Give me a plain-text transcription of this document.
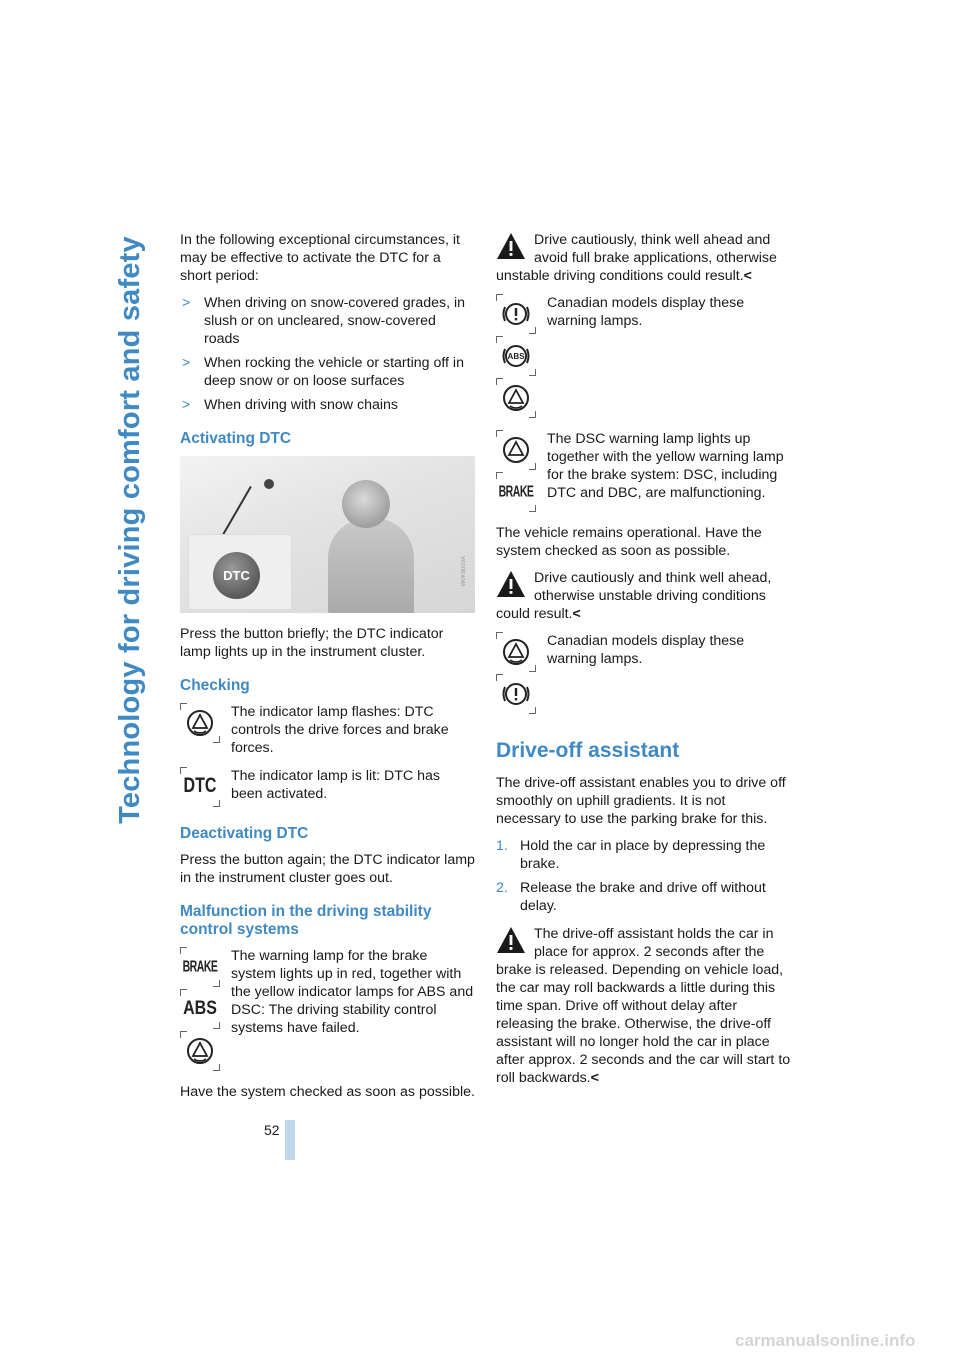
Technology for driving comfort and safety In the following exceptional circumstances, it may be effective to activate the DTC for a short period:

> When driving on snow-covered grades, in slush or on uncleared, snow-covered roads
> When rocking the vehicle or starting off in deep snow or on loose surfaces
> When driving with snow chains
Activating DTC
DTC	W0K8003A

Press the button briefly; the DTC indicator lamp lights up in the instrument cluster.

Checking
The indicator lamp flashes: DTC controls the drive forces and brake forces.
DTC The indicator lamp is lit: DTC has been activated.
Deactivating DTC

Press the button again; the DTC indicator lamp in the instrument cluster goes out.

Malfunction in the driving stability control systems
BRAKE
ABS
The warning lamp for the brake system lights up in red, together with the yellow indicator lamps for ABS and DSC: The driving stability control systems have failed.

Have the system checked as soon as possible.

Drive cautiously, think well ahead and avoid full brake applications, otherwise unstable driving conditions could result.<

ABS
Canadian models display these warning lamps.
BRAKE
The DSC warning lamp lights up together with the yellow warning lamp for the brake system: DSC, including DTC and DBC, are malfunctioning.

The vehicle remains operational. Have the system checked as soon as possible.

Drive cautiously and think well ahead, otherwise unstable driving conditions could result.<

Canadian models display these warning lamps.
Drive-off assistant

The drive-off assistant enables you to drive off smoothly on uphill gradients. It is not necessary to use the parking brake for this.

1. Hold the car in place by depressing the brake.
2. Release the brake and drive off without delay.

The drive-off assistant holds the car in place for approx. 2 seconds after the brake is released. Depending on vehicle load, the car may roll backwards a little during this time span. Drive off without delay after releasing the brake. Otherwise, the drive-off assistant will no longer hold the car in place after approx. 2 seconds and the car will start to roll backwards.<

52
carmanualsonline.info
